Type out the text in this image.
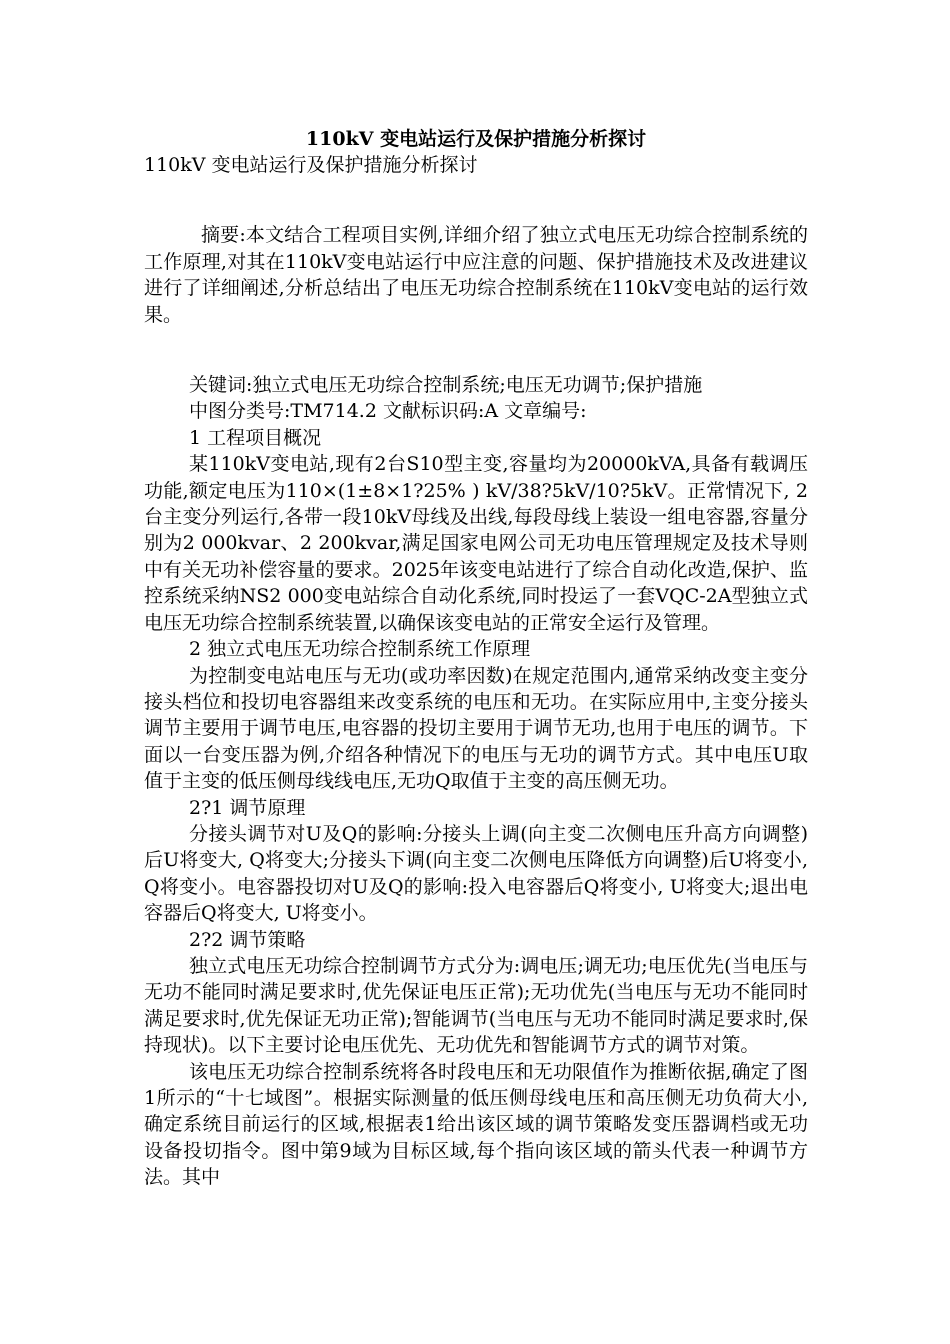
110kV 变电站运行及保护措施分析探讨
110kV 变电站运行及保护措施分析探讨

摘要:本文结合工程项目实例,详细介绍了独立式电压无功综合控制系统的工作原理,对其在110kV变电站运行中应注意的问题、保护措施技术及改进建议进行了详细阐述,分析总结出了电压无功综合控制系统在110kV变电站的运行效果。

关键词:独立式电压无功综合控制系统;电压无功调节;保护措施

中图分类号:TM714.2 文献标识码:A 文章编号:

1 工程项目概况

某110kV变电站,现有2台S10型主变,容量均为20000kVA,具备有载调压功能,额定电压为110×(1±8×1?25% ) kV/38?5kV/10?5kV。正常情况下, 2台主变分列运行,各带一段10kV母线及出线,每段母线上装设一组电容器,容量分别为2 000kvar、2 200kvar,满足国家电网公司无功电压管理规定及技术导则中有关无功补偿容量的要求。2025年该变电站进行了综合自动化改造,保护、监控系统采纳NS2 000变电站综合自动化系统,同时投运了一套VQC-2A型独立式电压无功综合控制系统装置,以确保该变电站的正常安全运行及管理。

2 独立式电压无功综合控制系统工作原理

为控制变电站电压与无功(或功率因数)在规定范围内,通常采纳改变主变分接头档位和投切电容器组来改变系统的电压和无功。在实际应用中,主变分接头调节主要用于调节电压,电容器的投切主要用于调节无功,也用于电压的调节。下面以一台变压器为例,介绍各种情况下的电压与无功的调节方式。其中电压U取值于主变的低压侧母线线电压,无功Q取值于主变的高压侧无功。

2?1 调节原理

分接头调节对U及Q的影响:分接头上调(向主变二次侧电压升高方向调整)后U将变大, Q将变大;分接头下调(向主变二次侧电压降低方向调整)后U将变小, Q将变小。电容器投切对U及Q的影响:投入电容器后Q将变小, U将变大;退出电容器后Q将变大, U将变小。

2?2 调节策略

独立式电压无功综合控制调节方式分为:调电压;调无功;电压优先(当电压与无功不能同时满足要求时,优先保证电压正常);无功优先(当电压与无功不能同时满足要求时,优先保证无功正常);智能调节(当电压与无功不能同时满足要求时,保持现状)。以下主要讨论电压优先、无功优先和智能调节方式的调节对策。

该电压无功综合控制系统将各时段电压和无功限值作为推断依据,确定了图1所示的“十七域图”。根据实际测量的低压侧母线电压和高压侧无功负荷大小,确定系统目前运行的区域,根据表1给出该区域的调节策略发变压器调档或无功设备投切指令。图中第9域为目标区域,每个指向该区域的箭头代表一种调节方法。其中
